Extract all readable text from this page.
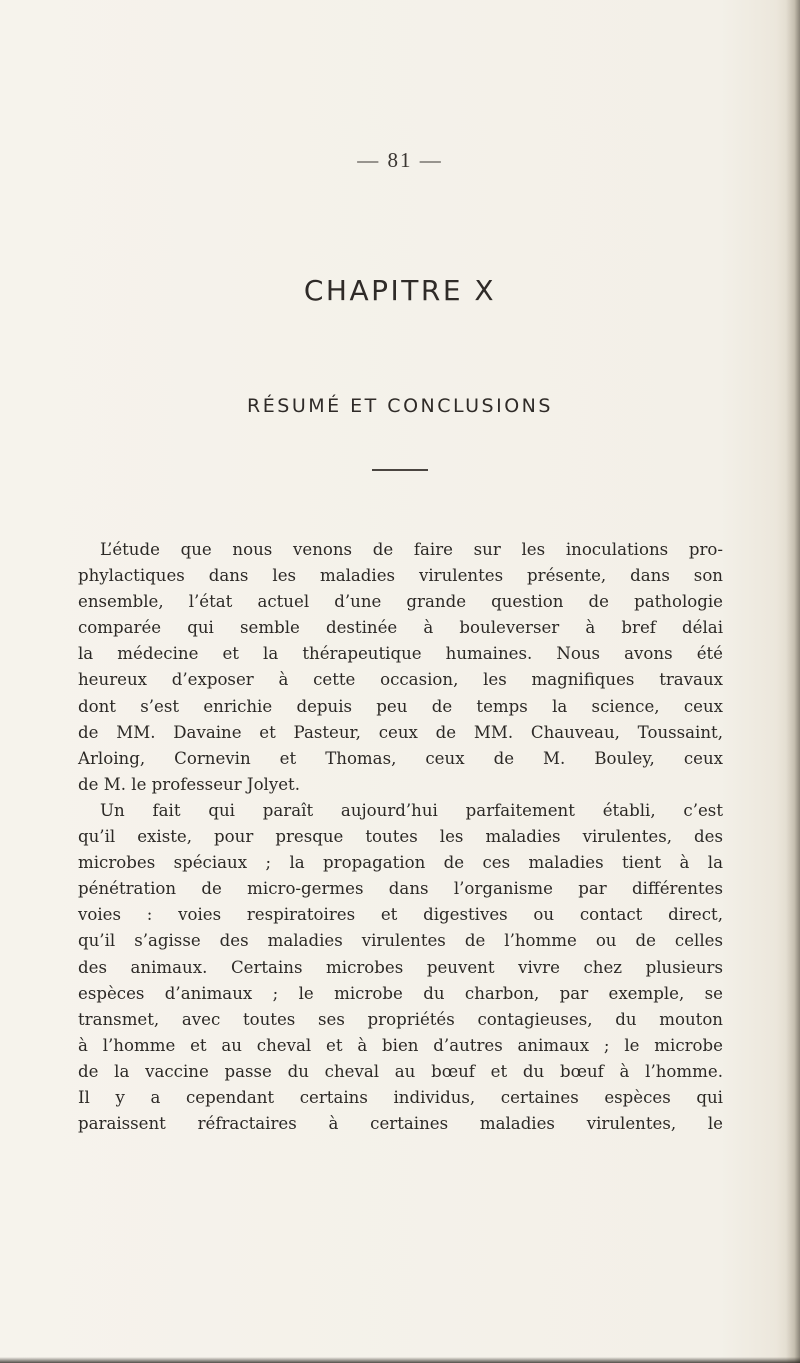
— 81 —
CHAPITRE X
RÉSUMÉ ET CONCLUSIONS
L’étude que nous venons de faire sur les inoculations pro-
phylactiques dans les maladies virulentes présente, dans son
ensemble, l’état actuel d’une grande question de pathologie
comparée qui semble destinée à bouleverser à bref délai
la médecine et la thérapeutique humaines. Nous avons été
heureux d’exposer à cette occasion, les magnifiques travaux
dont s’est enrichie depuis peu de temps la science, ceux
de MM. Davaine et Pasteur, ceux de MM. Chauveau, Toussaint,
Arloing, Cornevin et Thomas, ceux de M. Bouley, ceux
de M. le professeur Jolyet.
Un fait qui paraît aujourd’hui parfaitement établi, c’est
qu’il existe, pour presque toutes les maladies virulentes, des
microbes spéciaux ; la propagation de ces maladies tient à la
pénétration de micro-germes dans l’organisme par différentes
voies : voies respiratoires et digestives ou contact direct,
qu’il s’agisse des maladies virulentes de l’homme ou de celles
des animaux. Certains microbes peuvent vivre chez plusieurs
espèces d’animaux ; le microbe du charbon, par exemple, se
transmet, avec toutes ses propriétés contagieuses, du mouton
à l’homme et au cheval et à bien d’autres animaux ; le microbe
de la vaccine passe du cheval au bœuf et du bœuf à l’homme.
Il y a cependant certains individus, certaines espèces qui
paraissent réfractaires à certaines maladies virulentes, le
